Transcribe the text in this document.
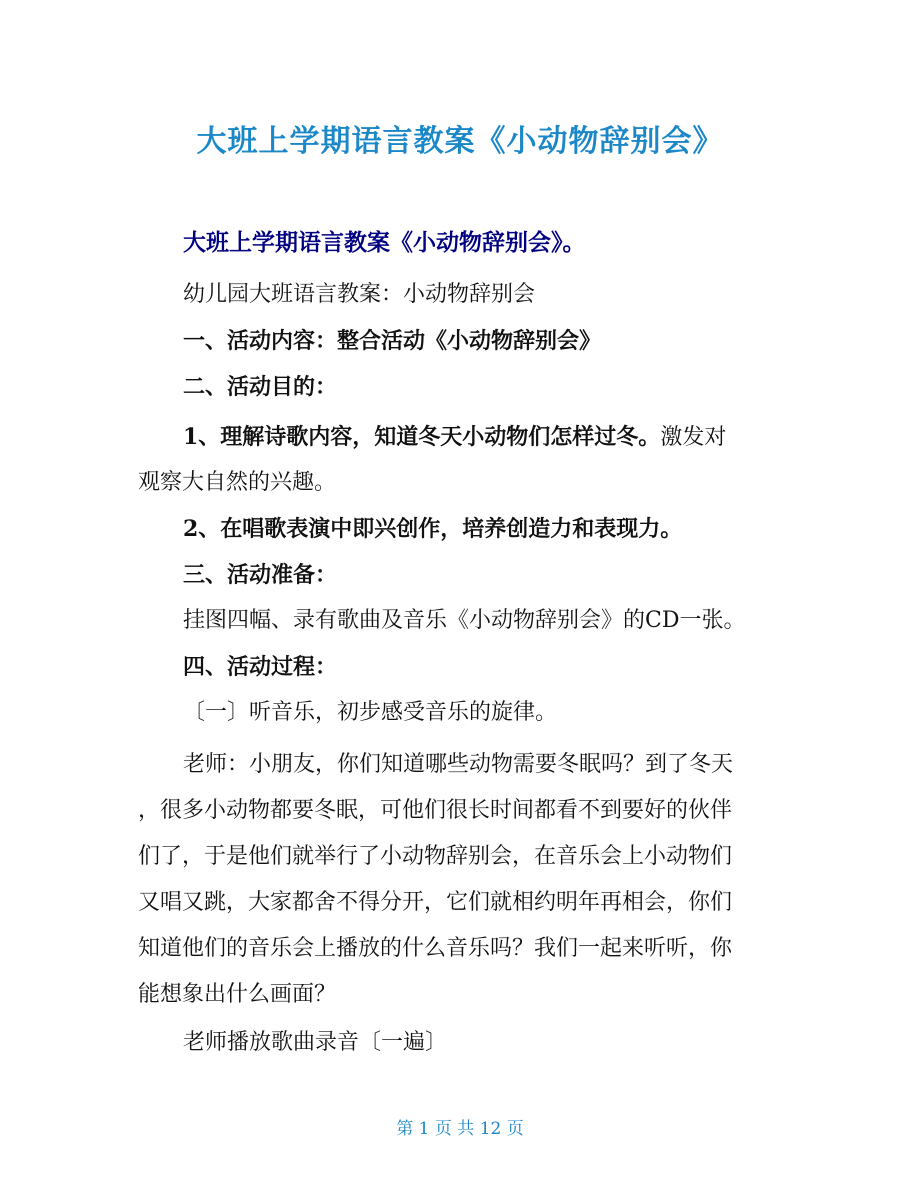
大班上学期语言教案《小动物辞别会》
大班上学期语言教案《小动物辞别会》。
幼儿园大班语言教案：小动物辞别会
一、活动内容：整合活动《小动物辞别会》
二、活动目的：
1、理解诗歌内容，知道冬天小动物们怎样过冬。激发对
观察大自然的兴趣。
2、在唱歌表演中即兴创作，培养创造力和表现力。
三、活动准备：
挂图四幅、录有歌曲及音乐《小动物辞别会》的CD一张。
四、活动过程：
〔一〕听音乐，初步感受音乐的旋律。
老师：小朋友，你们知道哪些动物需要冬眠吗？到了冬天
，很多小动物都要冬眠，可他们很长时间都看不到要好的伙伴
们了，于是他们就举行了小动物辞别会，在音乐会上小动物们
又唱又跳，大家都舍不得分开，它们就相约明年再相会，你们
知道他们的音乐会上播放的什么音乐吗？我们一起来听听，你
能想象出什么画面？
老师播放歌曲录音〔一遍〕
第 1 页 共 12 页
